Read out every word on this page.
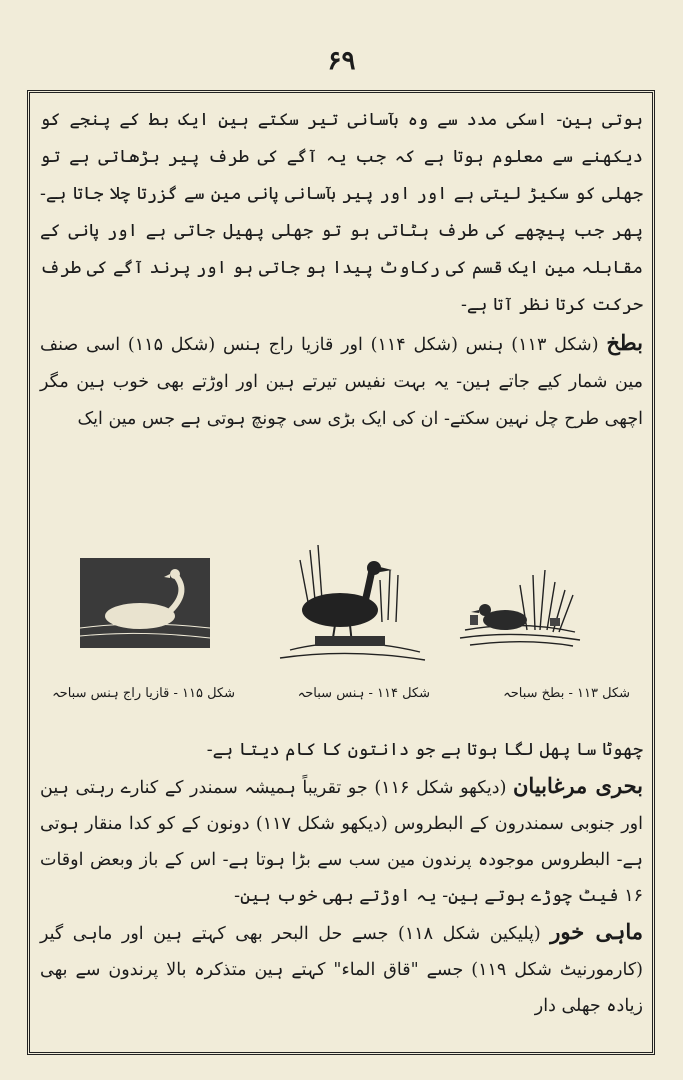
۶۹

ہوتی ہین- اسکی مدد سے وہ بآسانی تیر سکتے ہین ایک بط کے پنجے کو دیکھنے سے معلوم ہوتا ہے کہ جب یہ آگے کی طرف پیر بڑھاتی ہے تو جھلی کو سکیڑ لیتی ہے اور اور پیر بآسانی پانی مین سے گزرتا چلا جاتا ہے- پھر جب پیچھے کی طرف ہٹاتی ہو تو جھلی پھیل جاتی ہے اور پانی کے مقابلہ مین ایک قسم کی رکاوٹ پیدا ہو جاتی ہو اور پرند آگے کی طرف حرکت کرتا نظر آتا ہے-

بطخ (شکل ۱۱۳) ہنس (شکل ۱۱۴) اور قازیا راج ہنس (شکل ۱۱۵) اسی صنف مین شمار کیے جاتے ہین- یہ بہت نفیس تیرتے ہین اور اوڑتے بھی خوب ہین مگر اچھی طرح چل نہین سکتے- ان کی ایک بڑی سی چونچ ہوتی ہے جس مین ایک

شکل ۱۱۳ - بطخ سباحہ
شکل ۱۱۴ - ہنس سباحہ
شکل ۱۱۵ - قازیا راج ہنس سباحہ

چھوٹا سا پھل لگا ہوتا ہے جو دانتون کا کام دیتا ہے-

بحری مرغابیان (دیکھو شکل ۱۱۶) جو تقریباً ہمیشہ سمندر کے کنارے رہتی ہین اور جنوبی سمندرون کے البطروس (دیکھو شکل ۱۱۷) دونون کے کو کدا منقار ہوتی ہے- البطروس موجودہ پرندون مین سب سے بڑا ہوتا ہے- اس کے باز وبعض اوقات ۱۶ فیٹ چوڑے ہوتے ہین- یہ اوڑتے بھی خوب ہین-

ماہی خور (پلیکین شکل ۱۱۸) جسے حل البحر بھی کہتے ہین اور ماہی گیر (کارمورنیٹ شکل ۱۱۹) جسے "قاق الماء" کہتے ہین متذکرہ بالا پرندون سے بھی زیادہ جھلی دار
